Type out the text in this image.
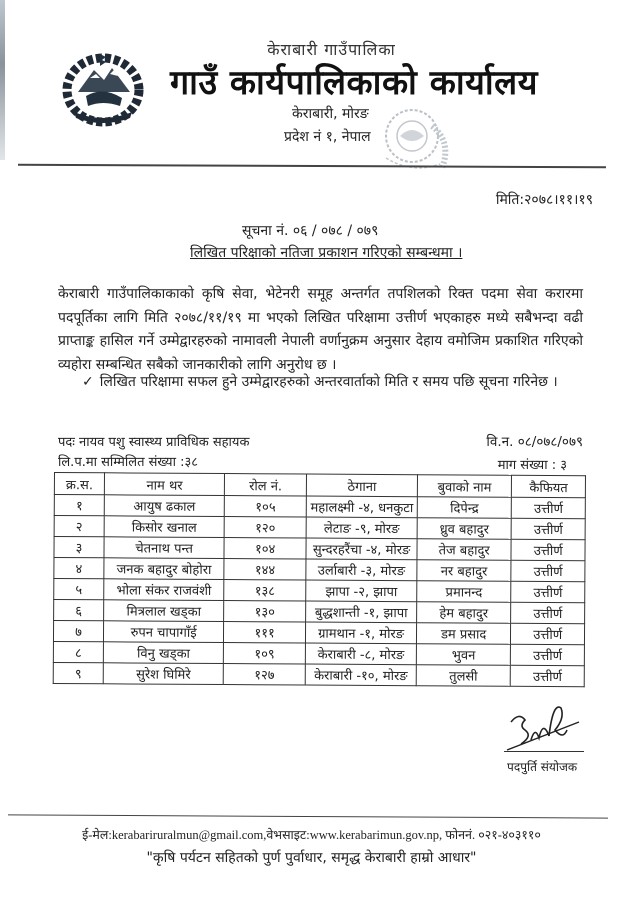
केराबारी गाउँपालिका
गाउँ कार्यपालिकाको कार्यालय
केराबारी, मोरङ
प्रदेश नं १, नेपाल
मिति:२०७८।११।१९
सूचना नं. ०६ / ०७८ / ०७९
लिखित परिक्षाको नतिजा प्रकाशन गरिएको सम्बन्धमा ।
केराबारी गाउँपालिकाकाको कृषि सेवा, भेटेनरी समूह अन्तर्गत तपशिलको रिक्त पदमा सेवा करारमा पदपूर्तिका लागि मिति २०७८/११/१९ मा भएको लिखित परिक्षामा उत्तीर्ण भएकाहरु मध्ये सबैभन्दा वढी प्राप्ताङ्क हासिल गर्ने उम्मेद्वारहरुको नामावली नेपाली वर्णानुक्रम अनुसार देहाय वमोजिम प्रकाशित गरिएको व्यहोरा सम्बन्धित सबैको जानकारीको लागि अनुरोध छ ।
✓ लिखित परिक्षामा सफल हुने उम्मेद्वारहरुको अन्तरवार्ताको मिति र समय पछि सूचना गरिनेछ ।
पदः नायव पशु स्वास्थ्य प्राविधिक सहायक
लि.प.मा सम्मिलित संख्या :३८
वि.न. ०८/०७८/०७९
माग संख्या : ३
क्र.स.	नाम थर	रोल नं.	ठेगाना	बुवाको नाम	कैफियत
१	आयुष ढकाल	१०५	महालक्ष्मी -४, धनकुटा	दिपेन्द्र	उत्तीर्ण
२	किसोर खनाल	१२०	लेटाङ -९, मोरङ	ध्रुव बहादुर	उत्तीर्ण
३	चेतनाथ पन्त	१०४	सुन्दरहरैंचा -४, मोरङ	तेज बहादुर	उत्तीर्ण
४	जनक बहादुर बोहोरा	१४४	उर्लाबारी -३, मोरङ	नर बहादुर	उत्तीर्ण
५	भोला संकर राजवंशी	१३८	झापा -२, झापा	प्रमानन्द	उत्तीर्ण
६	मित्रलाल खड्का	१३०	बुद्धशान्ती -१, झापा	हेम बहादुर	उत्तीर्ण
७	रुपन चापागाँई	१११	ग्रामथान -१, मोरङ	डम प्रसाद	उत्तीर्ण
८	विनु खड्का	१०९	केराबारी -८, मोरङ	भुवन	उत्तीर्ण
९	सुरेश घिमिरे	१२७	केराबारी -१०, मोरङ	तुलसी	उत्तीर्ण
पदपुर्ति संयोजक
ई-मेल:kerabariruralmun@gmail.com,वेभसाइट:www.kerabarimun.gov.np, फोननं. ०२१-४०३११०
"कृषि पर्यटन सहितको पुर्ण पुर्वाधार, समृद्ध केराबारी हाम्रो आधार"
